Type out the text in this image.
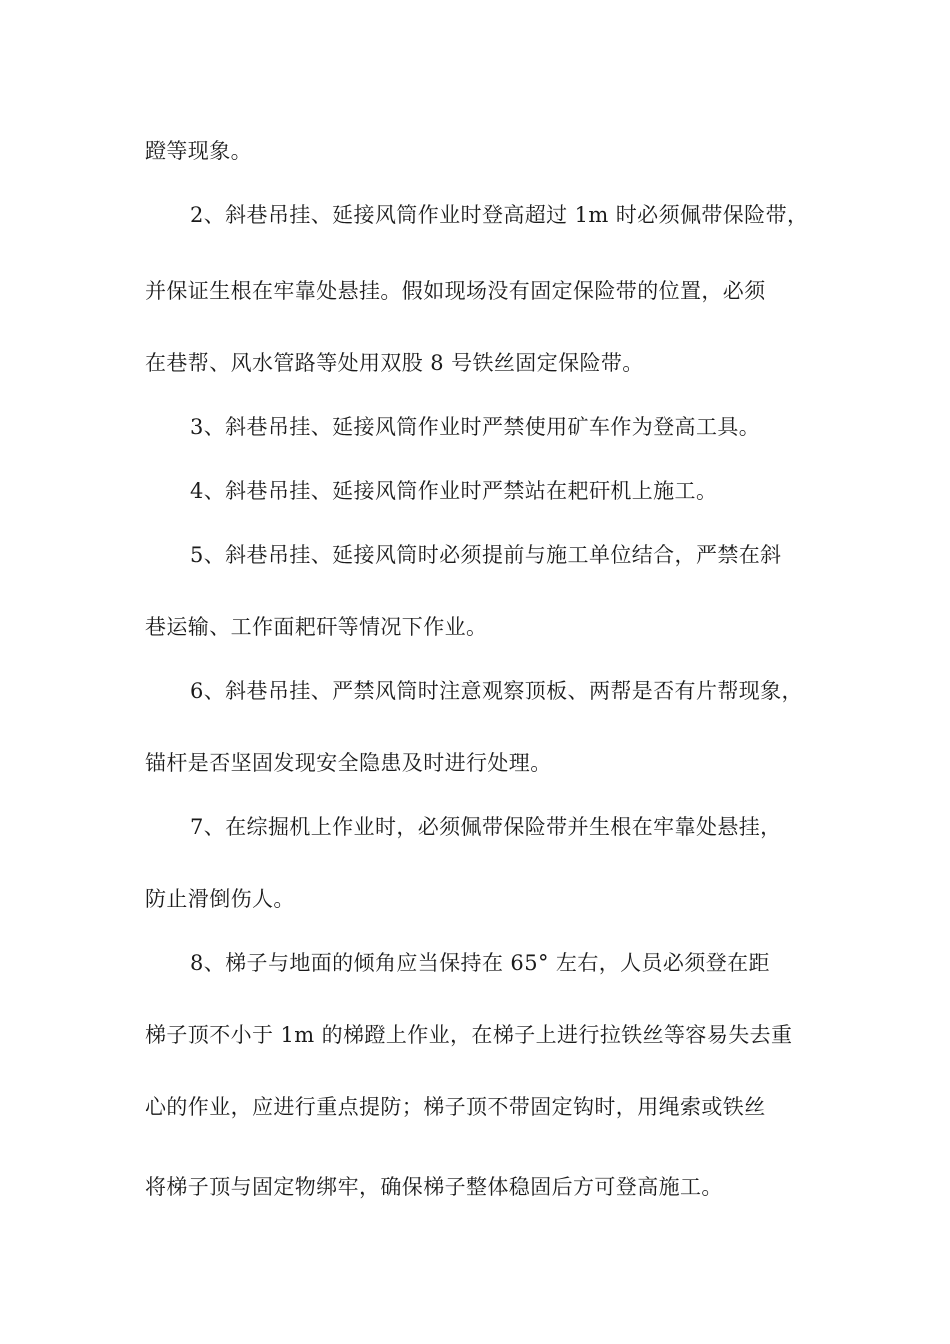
蹬等现象。
2、斜巷吊挂、延接风筒作业时登高超过 1m 时必须佩带保险带，
并保证生根在牢靠处悬挂。假如现场没有固定保险带的位置，必须
在巷帮、风水管路等处用双股 8 号铁丝固定保险带。
3、斜巷吊挂、延接风筒作业时严禁使用矿车作为登高工具。
4、斜巷吊挂、延接风筒作业时严禁站在耙矸机上施工。
5、斜巷吊挂、延接风筒时必须提前与施工单位结合，严禁在斜
巷运输、工作面耙矸等情况下作业。
6、斜巷吊挂、严禁风筒时注意观察顶板、两帮是否有片帮现象，
锚杆是否坚固发现安全隐患及时进行处理。
7、在综掘机上作业时，必须佩带保险带并生根在牢靠处悬挂，
防止滑倒伤人。
8、梯子与地面的倾角应当保持在 65° 左右，人员必须登在距
梯子顶不小于 1m 的梯蹬上作业，在梯子上进行拉铁丝等容易失去重
心的作业，应进行重点提防；梯子顶不带固定钩时，用绳索或铁丝
将梯子顶与固定物绑牢，确保梯子整体稳固后方可登高施工。
